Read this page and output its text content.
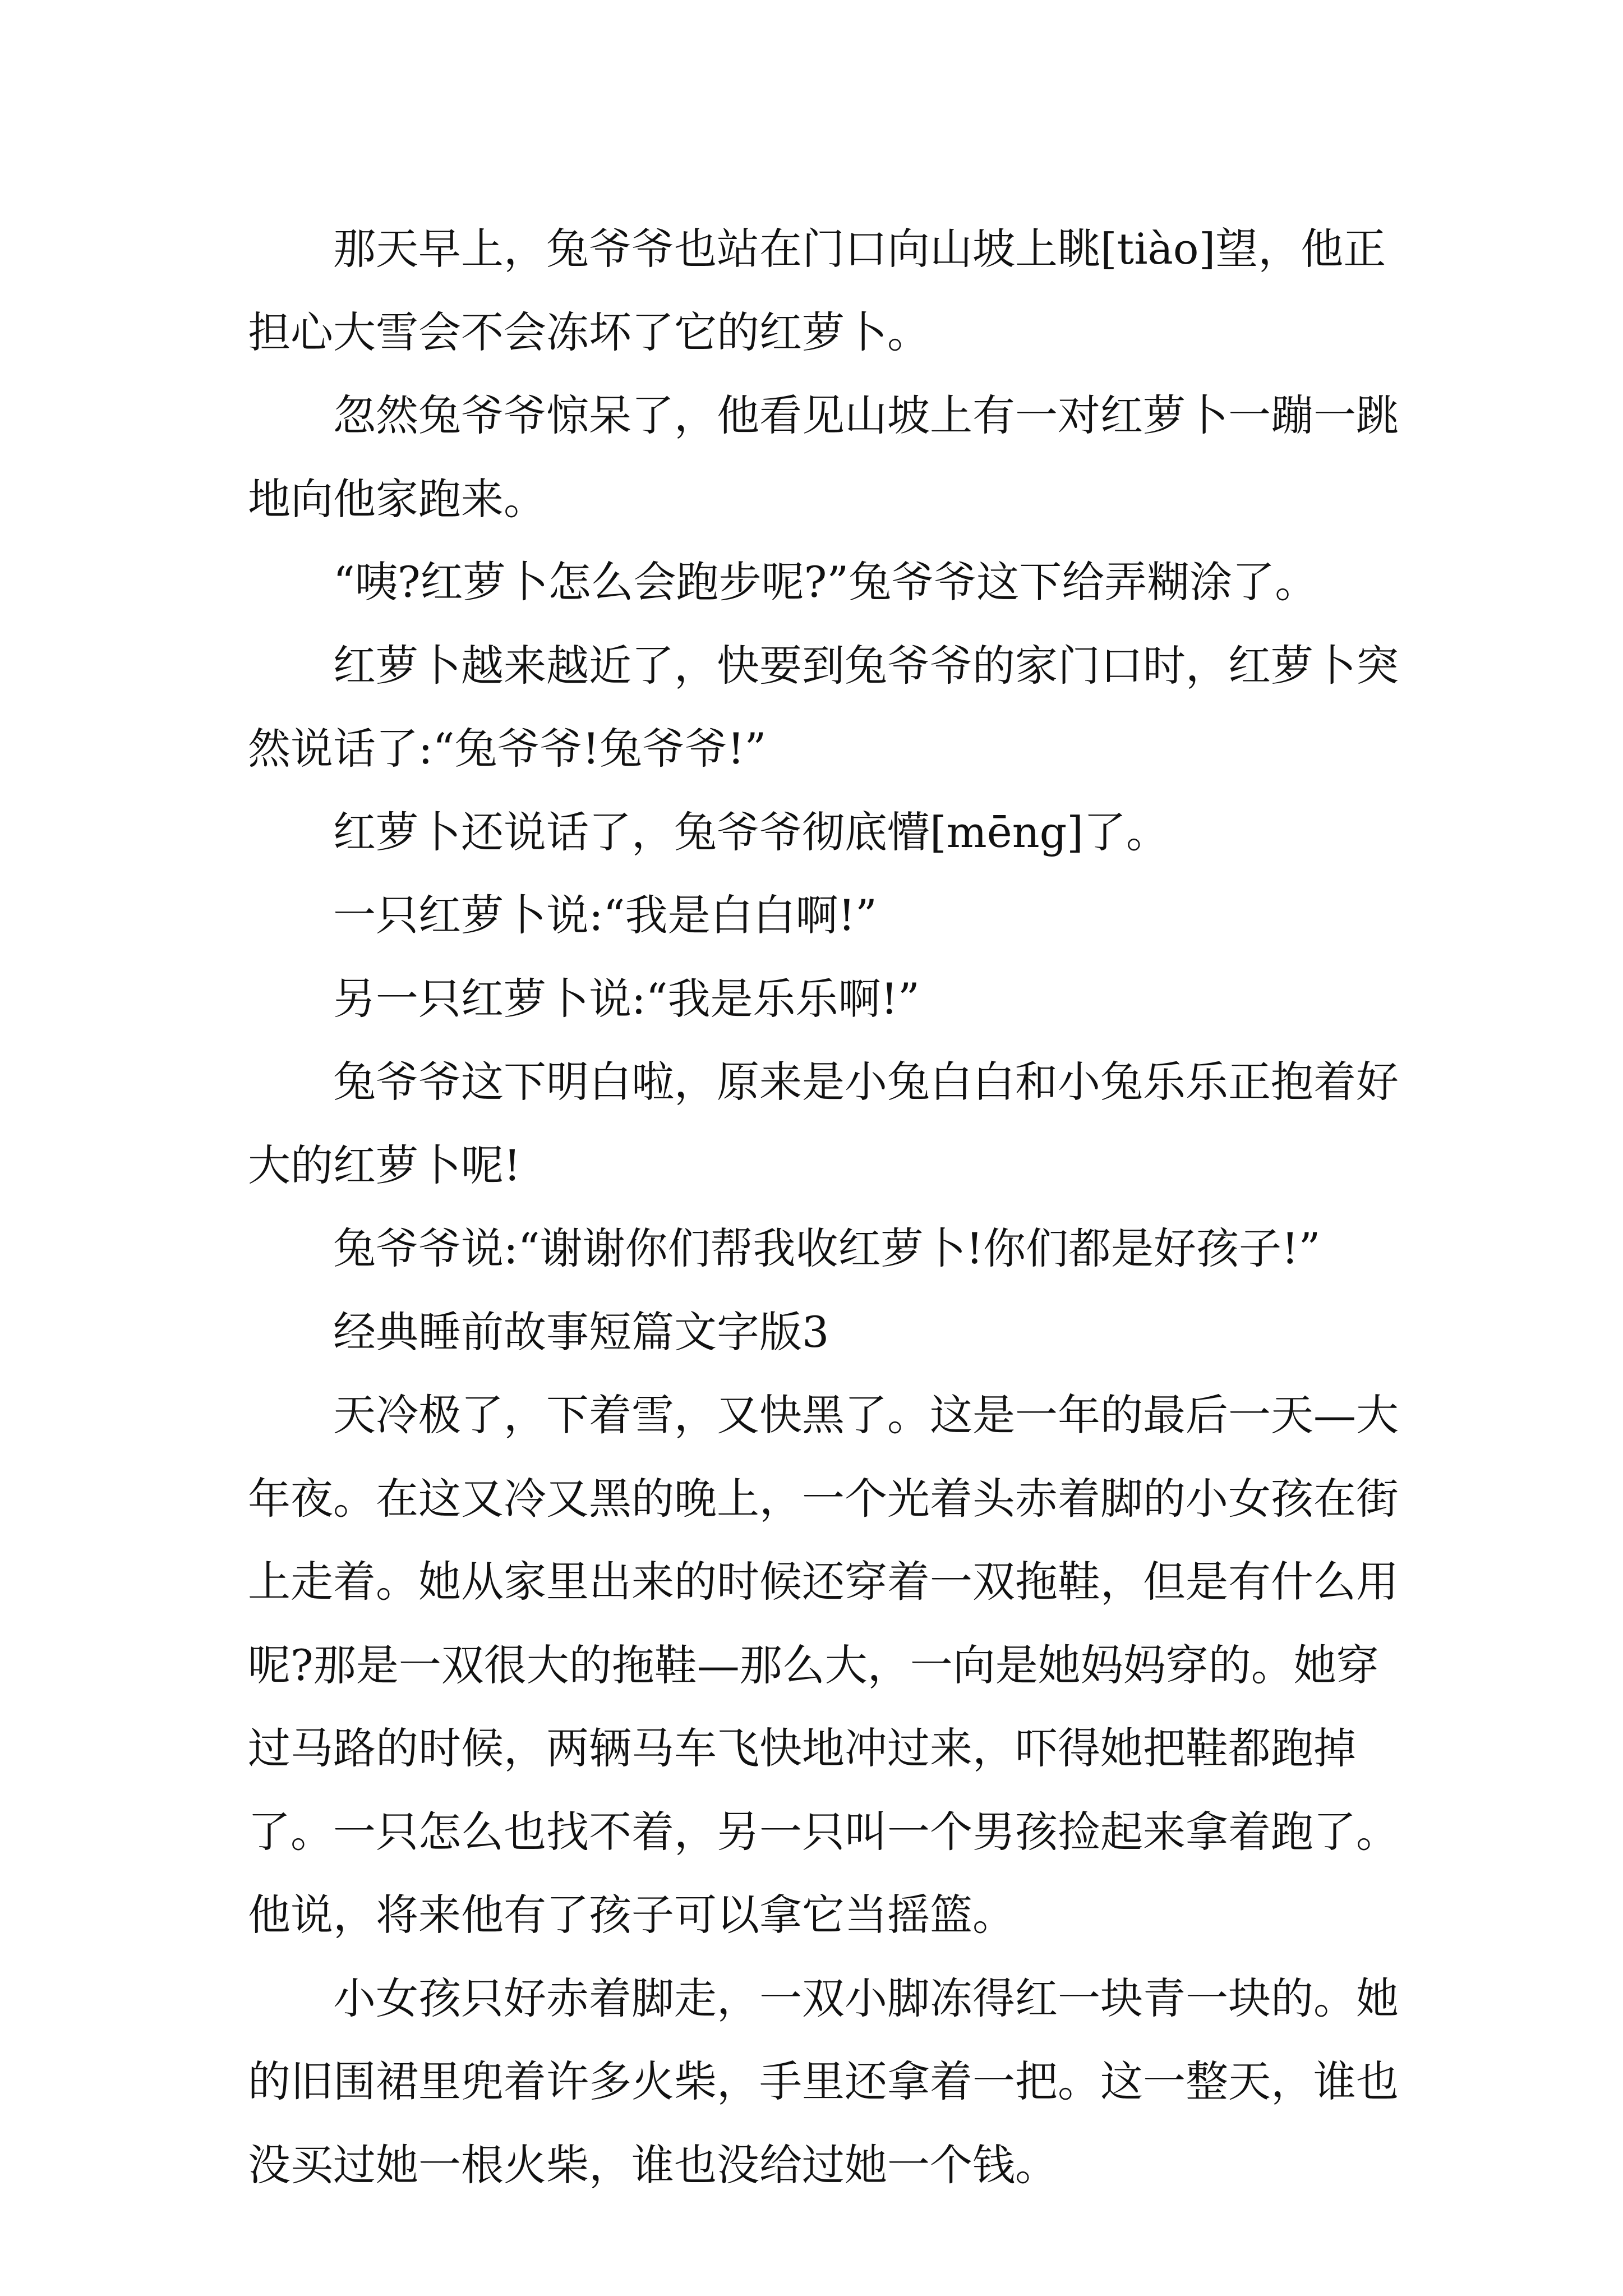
那天早上，兔爷爷也站在门口向山坡上眺[tiào]望，他正担心大雪会不会冻坏了它的红萝卜。

忽然兔爷爷惊呆了，他看见山坡上有一对红萝卜一蹦一跳地向他家跑来。

“咦?红萝卜怎么会跑步呢?”兔爷爷这下给弄糊涂了。

红萝卜越来越近了，快要到兔爷爷的家门口时，红萝卜突然说话了:“兔爷爷!兔爷爷!”

红萝卜还说话了，兔爷爷彻底懵[mēng]了。

一只红萝卜说:“我是白白啊!”

另一只红萝卜说:“我是乐乐啊!”

兔爷爷这下明白啦，原来是小兔白白和小兔乐乐正抱着好大的红萝卜呢!

兔爷爷说:“谢谢你们帮我收红萝卜!你们都是好孩子!”

经典睡前故事短篇文字版3

天冷极了，下着雪，又快黑了。这是一年的最后一天—大年夜。在这又冷又黑的晚上，一个光着头赤着脚的小女孩在街上走着。她从家里出来的时候还穿着一双拖鞋，但是有什么用呢?那是一双很大的拖鞋—那么大，一向是她妈妈穿的。她穿过马路的时候，两辆马车飞快地冲过来，吓得她把鞋都跑掉了。一只怎么也找不着，另一只叫一个男孩捡起来拿着跑了。他说，将来他有了孩子可以拿它当摇篮。

小女孩只好赤着脚走，一双小脚冻得红一块青一块的。她的旧围裙里兜着许多火柴，手里还拿着一把。这一整天，谁也没买过她一根火柴，谁也没给过她一个钱。
